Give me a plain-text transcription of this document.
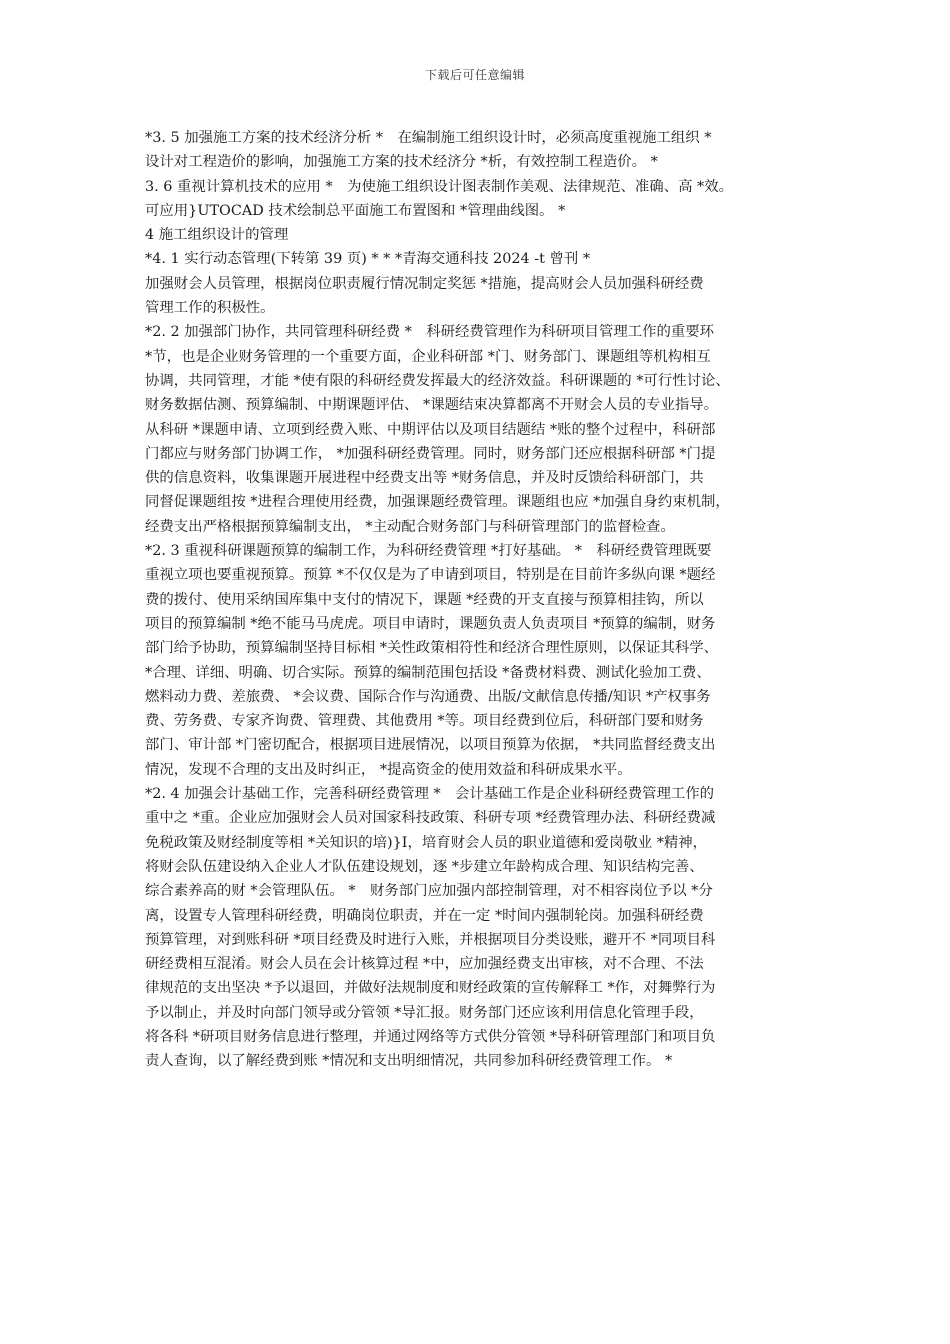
下载后可任意编辑
*3. 5 加强施工方案的技术经济分析 *　在编制施工组织设计时，必须高度重视施工组织 *
设计对工程造价的影响，加强施工方案的技术经济分 *析，有效控制工程造价。 *
3. 6 重视计算机技术的应用 *　为使施工组织设计图表制作美观、法律规范、准确、高 *效。
可应用}UTOCAD 技术绘制总平面施工布置图和 *管理曲线图。 *
4 施工组织设计的管理
*4. 1 实行动态管理(下转第 39 页) * * *青海交通科技 2024 -t 曾刊 *
加强财会人员管理，根据岗位职责履行情况制定奖惩 *措施，提高财会人员加强科研经费
管理工作的积极性。
*2. 2 加强部门协作，共同管理科研经费 *　科研经费管理作为科研项目管理工作的重要环
*节，也是企业财务管理的一个重要方面，企业科研部 *门、财务部门、课题组等机构相互
协调，共同管理，才能 *使有限的科研经费发挥最大的经济效益。科研课题的 *可行性讨论、
财务数据估测、预算编制、中期课题评估、 *课题结束决算都离不开财会人员的专业指导。
从科研 *课题申请、立项到经费入账、中期评估以及项目结题结 *账的整个过程中，科研部
门都应与财务部门协调工作， *加强科研经费管理。同时，财务部门还应根据科研部 *门提
供的信息资料，收集课题开展进程中经费支出等 *财务信息，并及时反馈给科研部门，共
同督促课题组按 *进程合理使用经费，加强课题经费管理。课题组也应 *加强自身约束机制，
经费支出严格根据预算编制支出， *主动配合财务部门与科研管理部门的监督检查。
*2. 3 重视科研课题预算的编制工作，为科研经费管理 *打好基础。 *　科研经费管理既要
重视立项也要重视预算。预算 *不仅仅是为了申请到项目，特别是在目前许多纵向课 *题经
费的拨付、使用采纳国库集中支付的情况下，课题 *经费的开支直接与预算相挂钩，所以
项目的预算编制 *绝不能马马虎虎。项目申请时，课题负责人负责项目 *预算的编制，财务
部门给予协助，预算编制坚持目标相 *关性政策相符性和经济合理性原则，以保证其科学、
*合理、详细、明确、切合实际。预算的编制范围包括设 *备费材料费、测试化验加工费、
燃料动力费、差旅费、 *会议费、国际合作与沟通费、出版/文献信息传播/知识 *产权事务
费、劳务费、专家齐询费、管理费、其他费用 *等。项目经费到位后，科研部门要和财务
部门、审计部 *门密切配合，根据项目进展情况，以项目预算为依据， *共同监督经费支出
情况，发现不合理的支出及时纠正， *提高资金的使用效益和科研成果水平。
*2. 4 加强会计基础工作，完善科研经费管理 *　会计基础工作是企业科研经费管理工作的
重中之 *重。企业应加强财会人员对国家科技政策、科研专项 *经费管理办法、科研经费减
免税政策及财经制度等相 *关知识的培)}I，培育财会人员的职业道德和爱岗敬业 *精神，
将财会队伍建设纳入企业人才队伍建设规划，逐 *步建立年龄构成合理、知识结构完善、
综合素养高的财 *会管理队伍。 *　财务部门应加强内部控制管理，对不相容岗位予以 *分
离，设置专人管理科研经费，明确岗位职责，并在一定 *时间内强制轮岗。加强科研经费
预算管理，对到账科研 *项目经费及时进行入账，并根据项目分类设账，避开不 *同项目科
研经费相互混淆。财会人员在会计核算过程 *中，应加强经费支出审核，对不合理、不法
律规范的支出坚决 *予以退回，并做好法规制度和财经政策的宣传解释工 *作，对舞弊行为
予以制止，并及时向部门领导或分管领 *导汇报。财务部门还应该利用信息化管理手段，
将各科 *研项目财务信息进行整理，并通过网络等方式供分管领 *导科研管理部门和项目负
责人查询，以了解经费到账 *情况和支出明细情况，共同参加科研经费管理工作。 *
